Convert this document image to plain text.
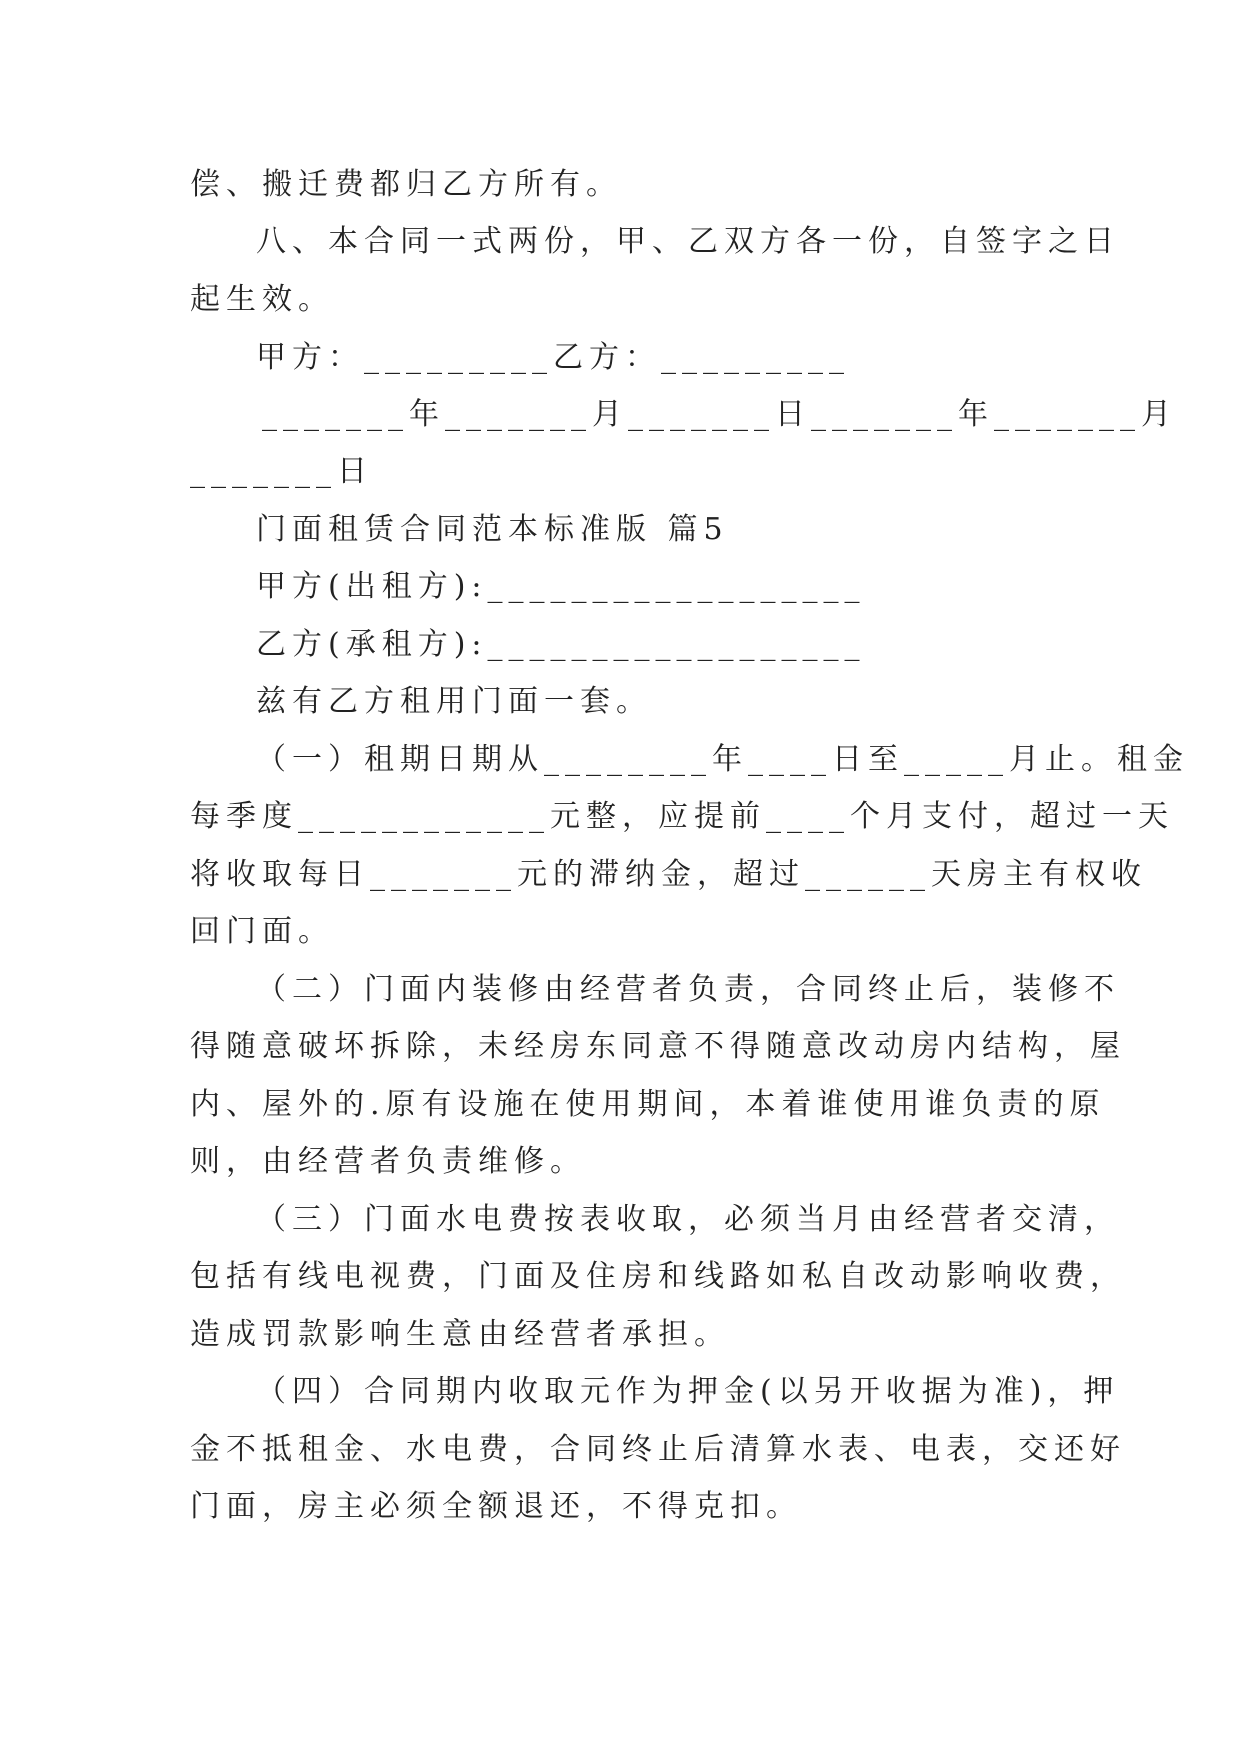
偿、搬迁费都归乙方所有。

八、本合同一式两份，甲、乙双方各一份，自签字之日

起生效。

甲方：_________乙方：_________

_______年_______月_______日_______年_______月

_______日

门面租赁合同范本标准版 篇5

甲方(出租方):__________________

乙方(承租方):__________________

兹有乙方租用门面一套。

（一）租期日期从________年____日至_____月止。租金

每季度____________元整，应提前____个月支付，超过一天

将收取每日_______元的滞纳金，超过______天房主有权收

回门面。

（二）门面内装修由经营者负责，合同终止后，装修不

得随意破坏拆除，未经房东同意不得随意改动房内结构，屋

内、屋外的.原有设施在使用期间，本着谁使用谁负责的原

则，由经营者负责维修。

（三）门面水电费按表收取，必须当月由经营者交清，

包括有线电视费，门面及住房和线路如私自改动影响收费，

造成罚款影响生意由经营者承担。

（四）合同期内收取元作为押金(以另开收据为准)，押

金不抵租金、水电费，合同终止后清算水表、电表，交还好

门面，房主必须全额退还，不得克扣。
